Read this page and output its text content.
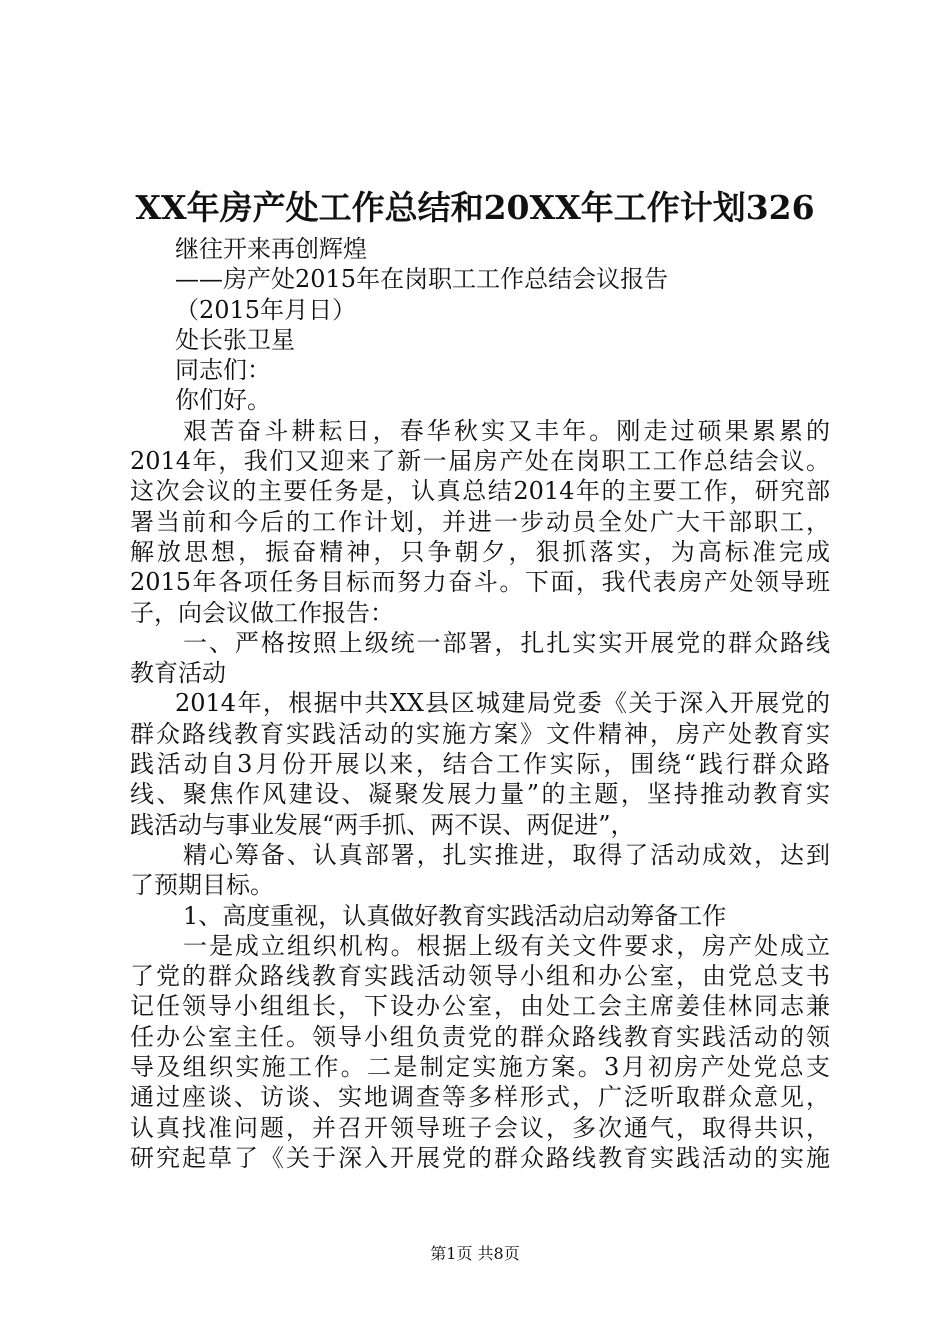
XX年房产处工作总结和20XX年工作计划326
继往开来再创辉煌
——房产处2015年在岗职工工作总结会议报告
（2015年月日）
处长张卫星
同志们：
你们好。
艰苦奋斗耕耘日，春华秋实又丰年。刚走过硕果累累的
2014年，我们又迎来了新一届房产处在岗职工工作总结会议。
这次会议的主要任务是，认真总结2014年的主要工作，研究部
署当前和今后的工作计划，并进一步动员全处广大干部职工，
解放思想，振奋精神，只争朝夕，狠抓落实，为高标准完成
2015年各项任务目标而努力奋斗。下面，我代表房产处领导班
子，向会议做工作报告：
一、严格按照上级统一部署，扎扎实实开展党的群众路线
教育活动
2014年，根据中共XX县区城建局党委《关于深入开展党的
群众路线教育实践活动的实施方案》文件精神，房产处教育实
践活动自3月份开展以来，结合工作实际，围绕“践行群众路
线、聚焦作风建设、凝聚发展力量”的主题，坚持推动教育实
践活动与事业发展“两手抓、两不误、两促进”，
精心筹备、认真部署，扎实推进，取得了活动成效，达到
了预期目标。
1、高度重视，认真做好教育实践活动启动筹备工作
一是成立组织机构。根据上级有关文件要求，房产处成立
了党的群众路线教育实践活动领导小组和办公室，由党总支书
记任领导小组组长，下设办公室，由处工会主席姜佳林同志兼
任办公室主任。领导小组负责党的群众路线教育实践活动的领
导及组织实施工作。二是制定实施方案。3月初房产处党总支
通过座谈、访谈、实地调查等多样形式，广泛听取群众意见，
认真找准问题，并召开领导班子会议，多次通气，取得共识，
研究起草了《关于深入开展党的群众路线教育实践活动的实施
第1页 共8页
